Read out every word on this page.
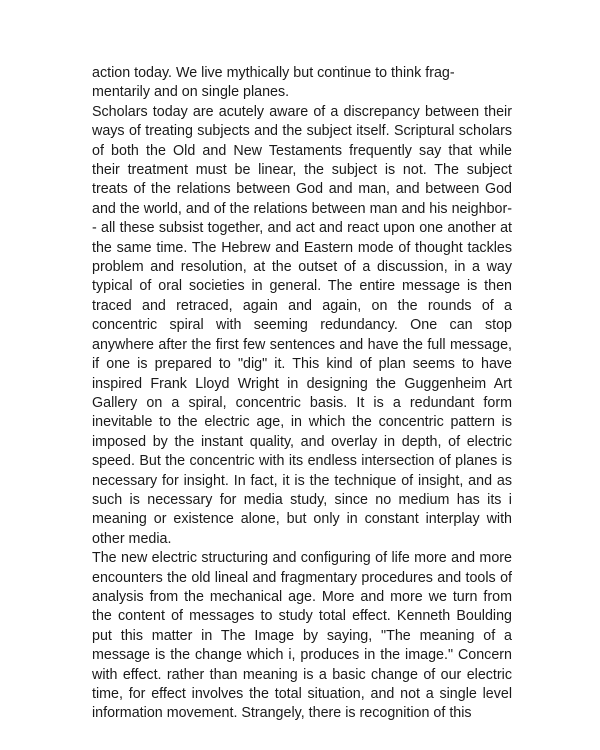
action today. We live mythically but continue to think frag-mentarily and on single planes.

Scholars today are acutely aware of a discrepancy between their ways of treating subjects and the subject itself. Scriptural scholars of both the Old and New Testaments frequently say that while their treatment must be linear, the subject is not. The subject treats of the relations between God and man, and between God and the world, and of the relations between man and his neighbor-- all these subsist together, and act and react upon one another at the same time. The Hebrew and Eastern mode of thought tackles problem and resolution, at the outset of a discussion, in a way typical of oral societies in general. The entire message is then traced and retraced, again and again, on the rounds of a concentric spiral with seeming redundancy. One can stop anywhere after the first few sentences and have the full message, if one is prepared to "dig" it. This kind of plan seems to have inspired Frank Lloyd Wright in designing the Guggenheim Art Gallery on a spiral, concentric basis. It is a redundant form inevitable to the electric age, in which the concentric pattern is imposed by the instant quality, and overlay in depth, of electric speed. But the concentric with its endless intersection of planes is necessary for insight. In fact, it is the technique of insight, and as such is necessary for media study, since no medium has its i meaning or existence alone, but only in constant interplay with other media.

The new electric structuring and configuring of life more and more encounters the old lineal and fragmentary procedures and tools of analysis from the mechanical age. More and more we turn from the content of messages to study total effect. Kenneth Boulding put this matter in The Image by saying, "The meaning of a message is the change which i, produces in the image." Concern with effect. rather than meaning is a basic change of our electric time, for effect involves the total situation, and not a single level information movement. Strangely, there is recognition of this
